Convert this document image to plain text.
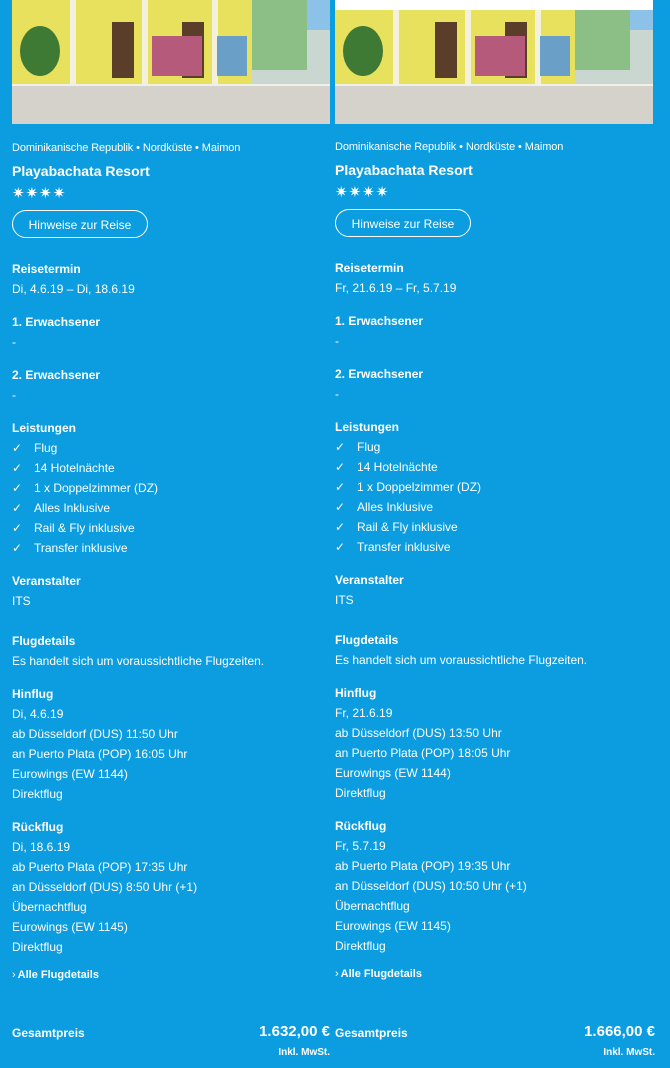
Dominikanische Republik • Nordküste • Maimon
Playabachata Resort
✷✷✷✷
Hinweise zur Reise
Reisetermin
Di, 4.6.19 – Di, 18.6.19
1. Erwachsener
-
2. Erwachsener
-
Leistungen
✓ Flug
✓ 14 Hotelnächte
✓ 1 x Doppelzimmer (DZ)
✓ Alles Inklusive
✓ Rail & Fly inklusive
✓ Transfer inklusive
Veranstalter
ITS
Flugdetails
Es handelt sich um voraussichtliche Flugzeiten.
Hinflug
Di, 4.6.19
ab Düsseldorf (DUS) 11:50 Uhr
an Puerto Plata (POP) 16:05 Uhr
Eurowings (EW 1144)
Direktflug
Rückflug
Di, 18.6.19
ab Puerto Plata (POP) 17:35 Uhr
an Düsseldorf (DUS) 8:50 Uhr (+1)
Übernachtflug
Eurowings (EW 1145)
Direktflug
› Alle Flugdetails
Gesamtpreis	1.632,00 €
Inkl. MwSt.
Dominikanische Republik • Nordküste • Maimon
Playabachata Resort
✷✷✷✷
Hinweise zur Reise
Reisetermin
Fr, 21.6.19 – Fr, 5.7.19
1. Erwachsener
-
2. Erwachsener
-
Leistungen
✓ Flug
✓ 14 Hotelnächte
✓ 1 x Doppelzimmer (DZ)
✓ Alles Inklusive
✓ Rail & Fly inklusive
✓ Transfer inklusive
Veranstalter
ITS
Flugdetails
Es handelt sich um voraussichtliche Flugzeiten.
Hinflug
Fr, 21.6.19
ab Düsseldorf (DUS) 13:50 Uhr
an Puerto Plata (POP) 18:05 Uhr
Eurowings (EW 1144)
Direktflug
Rückflug
Fr, 5.7.19
ab Puerto Plata (POP) 19:35 Uhr
an Düsseldorf (DUS) 10:50 Uhr (+1)
Übernachtflug
Eurowings (EW 1145)
Direktflug
› Alle Flugdetails
Gesamtpreis	1.666,00 €
Inkl. MwSt.
